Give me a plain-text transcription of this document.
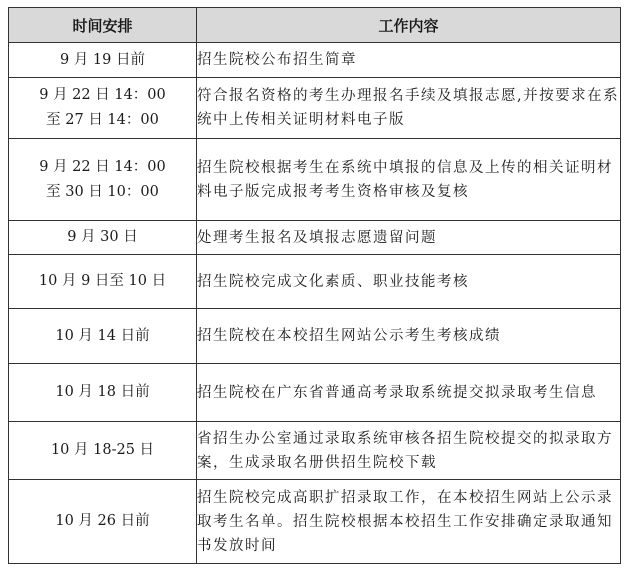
时间安排	工作内容
9 月 19 日前	招生院校公布招生简章

9 月 22 日 14：00 至 27 日 14：00	符合报名资格的考生办理报名手续及填报志愿,并按要求在系统中上传相关证明材料电子版

9 月 22 日 14：00 至 30 日 10：00	招生院校根据考生在系统中填报的信息及上传的相关证明材料电子版完成报考考生资格审核及复核
9 月 30 日	处理考生报名及填报志愿遗留问题
10 月 9 日至 10 日	招生院校完成文化素质、职业技能考核
10 月 14 日前	招生院校在本校招生网站公示考生考核成绩
10 月 18 日前	招生院校在广东省普通高考录取系统提交拟录取考生信息
10 月 18-25 日	省招生办公室通过录取系统审核各招生院校提交的拟录取方案，生成录取名册供招生院校下载
10 月 26 日前	招生院校完成高职扩招录取工作，在本校招生网站上公示录取考生名单。招生院校根据本校招生工作安排确定录取通知书发放时间
